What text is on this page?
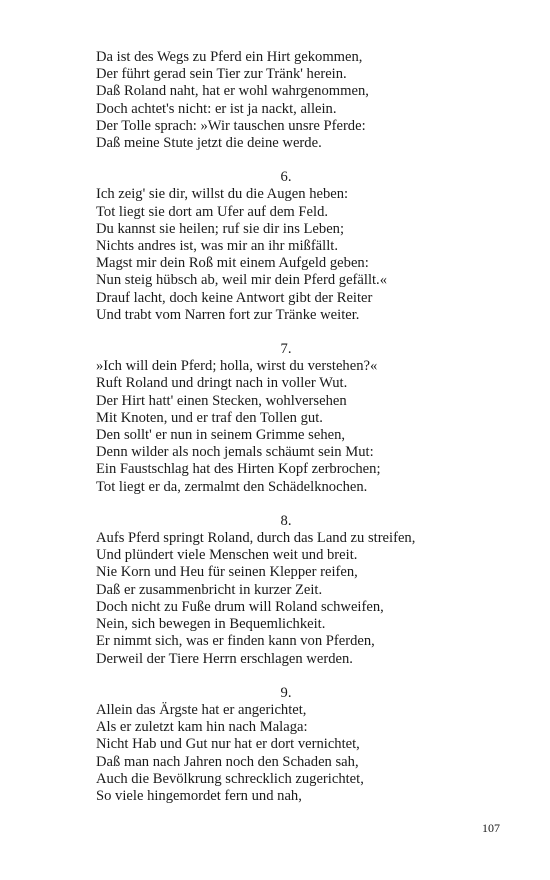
Da ist des Wegs zu Pferd ein Hirt gekommen,
Der führt gerad sein Tier zur Tränk' herein.
Daß Roland naht, hat er wohl wahrgenommen,
Doch achtet's nicht: er ist ja nackt, allein.
Der Tolle sprach: »Wir tauschen unsre Pferde:
Daß meine Stute jetzt die deine werde.
6.
Ich zeig' sie dir, willst du die Augen heben:
Tot liegt sie dort am Ufer auf dem Feld.
Du kannst sie heilen; ruf sie dir ins Leben;
Nichts andres ist, was mir an ihr mißfällt.
Magst mir dein Roß mit einem Aufgeld geben:
Nun steig hübsch ab, weil mir dein Pferd gefällt.«
Drauf lacht, doch keine Antwort gibt der Reiter
Und trabt vom Narren fort zur Tränke weiter.
7.
»Ich will dein Pferd; holla, wirst du verstehen?«
Ruft Roland und dringt nach in voller Wut.
Der Hirt hatt' einen Stecken, wohlversehen
Mit Knoten, und er traf den Tollen gut.
Den sollt' er nun in seinem Grimme sehen,
Denn wilder als noch jemals schäumt sein Mut:
Ein Faustschlag hat des Hirten Kopf zerbrochen;
Tot liegt er da, zermalmt den Schädelknochen.
8.
Aufs Pferd springt Roland, durch das Land zu streifen,
Und plündert viele Menschen weit und breit.
Nie Korn und Heu für seinen Klepper reifen,
Daß er zusammenbricht in kurzer Zeit.
Doch nicht zu Fuße drum will Roland schweifen,
Nein, sich bewegen in Bequemlichkeit.
Er nimmt sich, was er finden kann von Pferden,
Derweil der Tiere Herrn erschlagen werden.
9.
Allein das Ärgste hat er angerichtet,
Als er zuletzt kam hin nach Malaga:
Nicht Hab und Gut nur hat er dort vernichtet,
Daß man nach Jahren noch den Schaden sah,
Auch die Bevölkrung schrecklich zugerichtet,
So viele hingemordet fern und nah,
107
